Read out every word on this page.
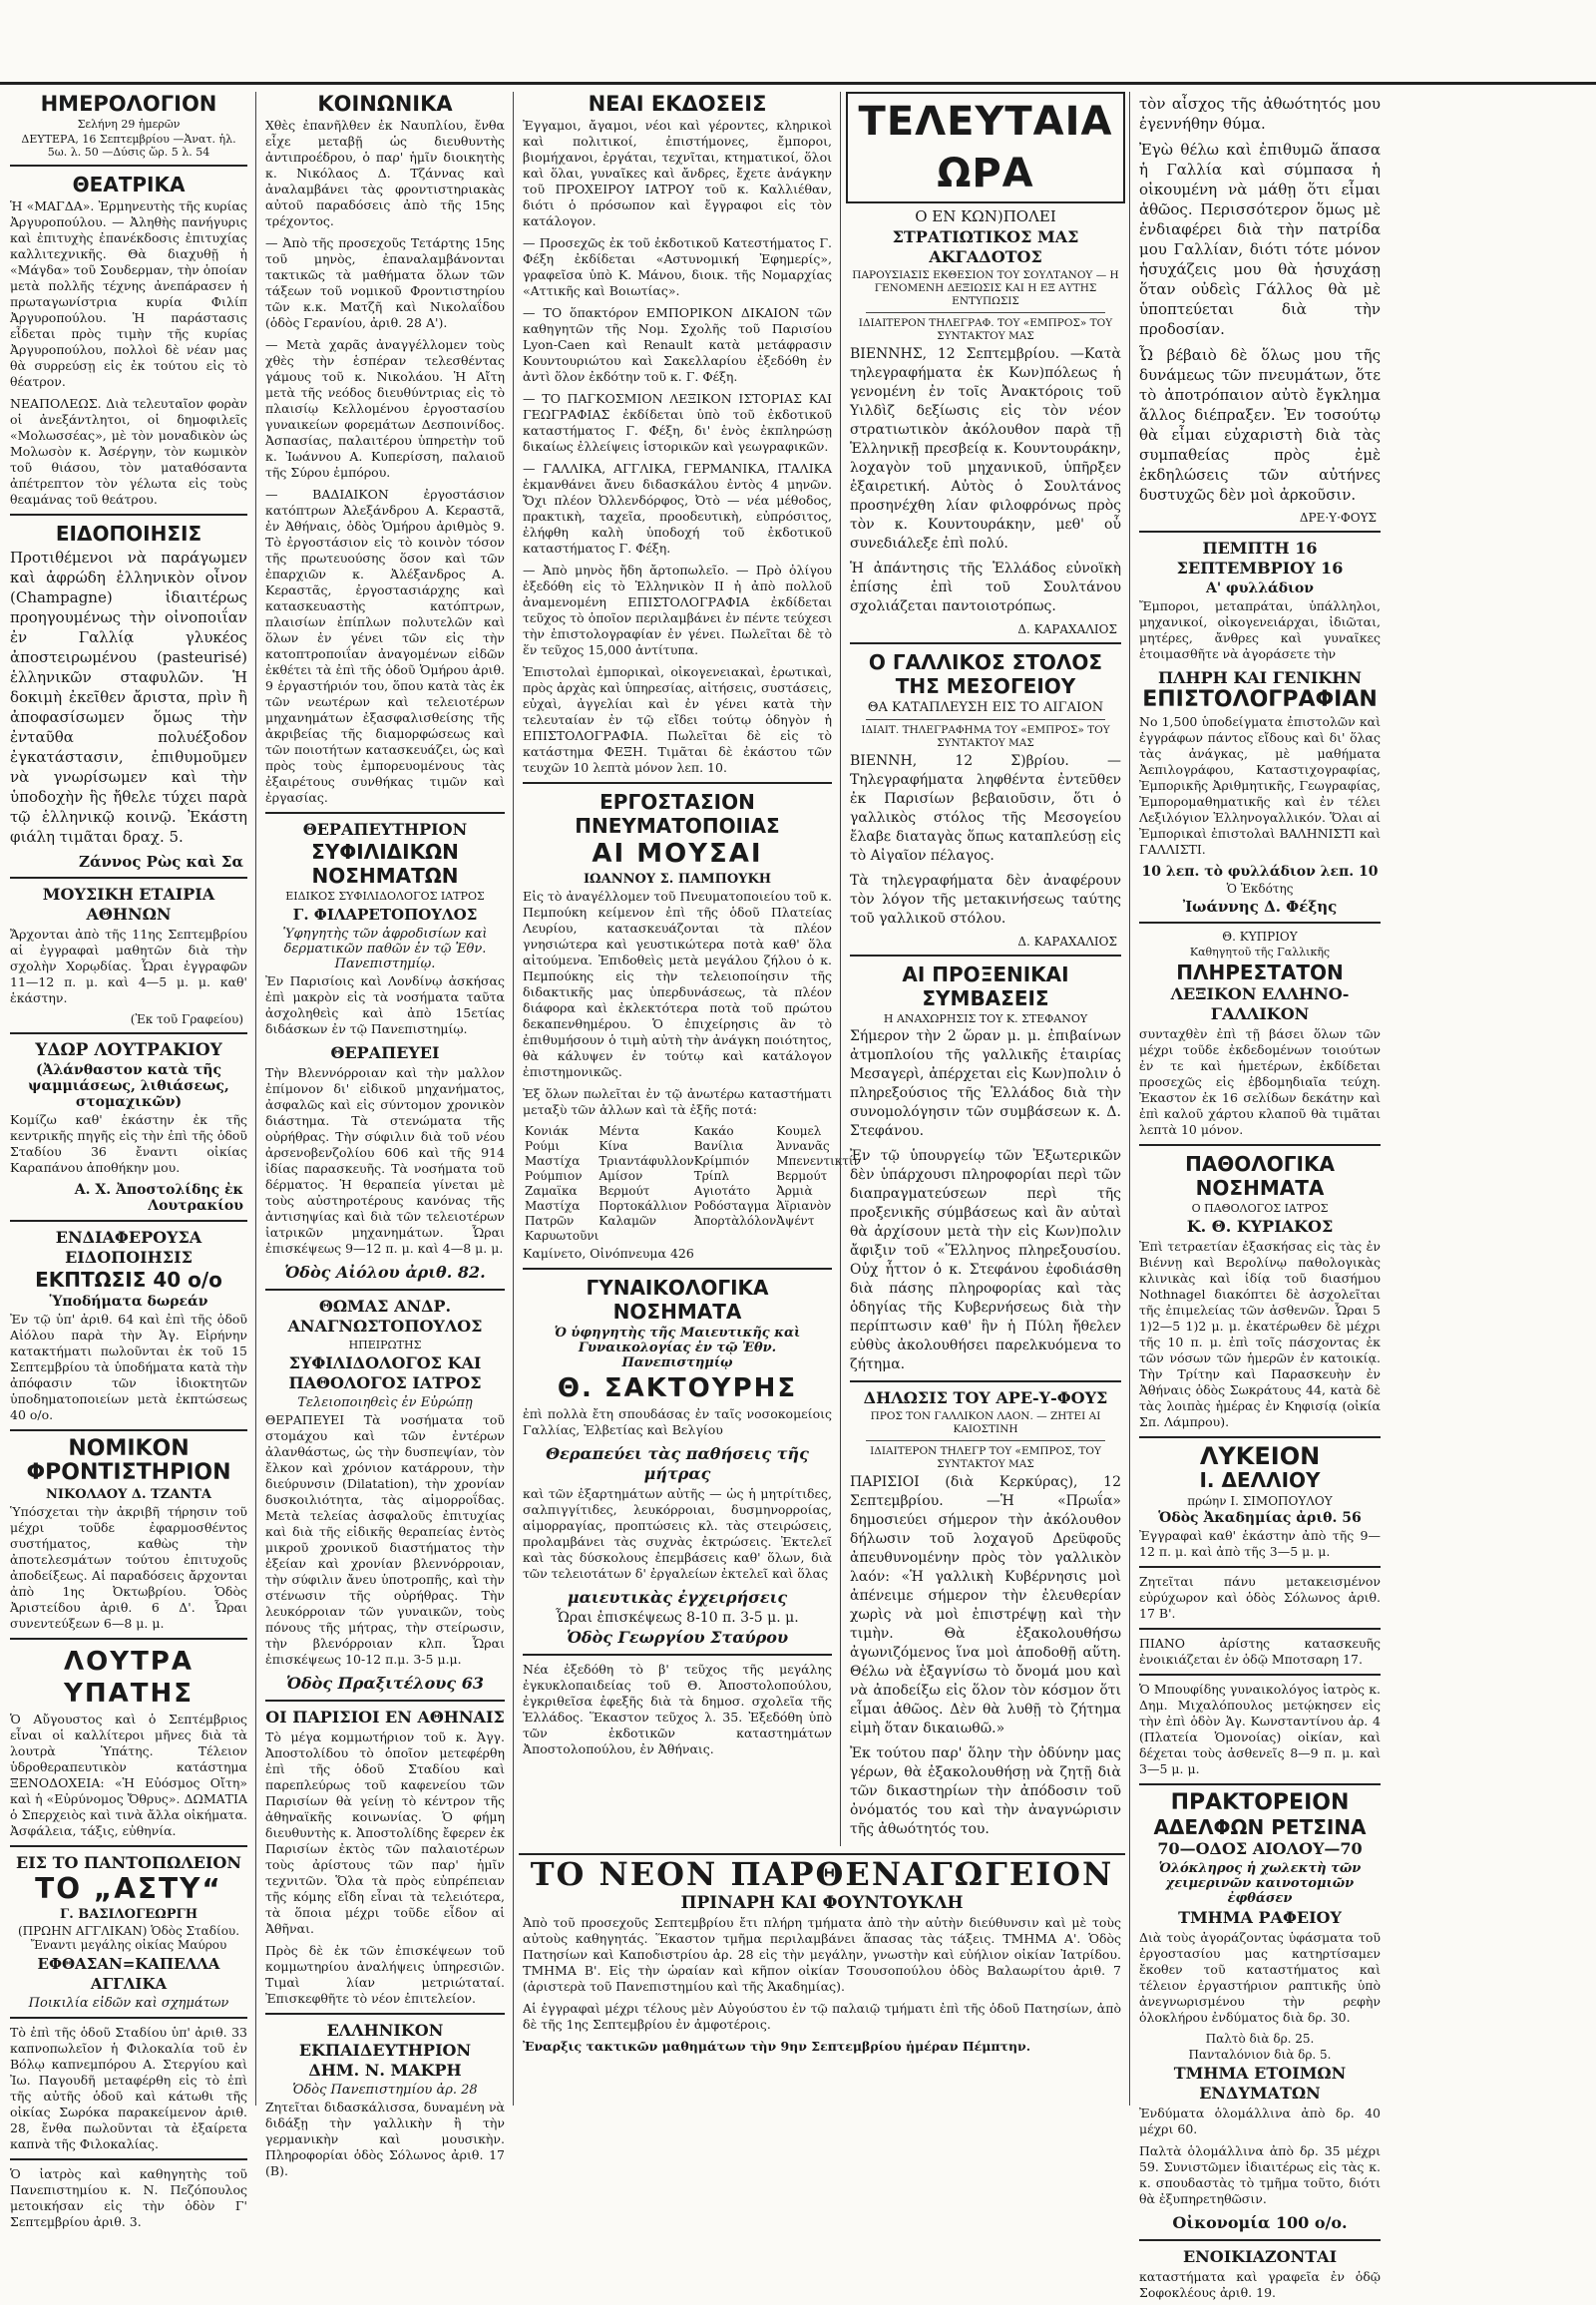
ΗΜΕΡΟΛΟΓΙΟΝ
Σελήνη 29 ἡμερῶν
ΔΕΥΤΕΡΑ, 16 Σεπτεμβρίου —Ἀνατ. ἡλ. 5ω. λ. 50 —Δύσις ὥρ. 5 λ. 54
ΘΕΑΤΡΙΚΑ
Ἡ «ΜΑΓΔΑ». Ἑρμηνευτὴς τῆς κυρίας Ἀργυροπούλου. — Ἀληθὴς πανήγυρις καὶ ἐπιτυχὴς ἐπανέκδοσις ἐπιτυχίας καλλιτεχνικῆς. Θὰ διαχυθῇ ἡ «Μάγδα» τοῦ Σουδερμαν, τὴν ὁποίαν μετὰ πολλῆς τέχνης ἀνεπάρασεν ἡ πρωταγωνίστρια κυρία Φιλίπ Ἀργυροπούλου. Ἡ παράστασις εἶδεται πρὸς τιμὴν τῆς κυρίας Ἀργυροπούλου, πολλοὶ δὲ νέαν μας θὰ συρρεύσῃ εἰς ἐκ τούτου εἰς τὸ θέατρον.
ΝΕΑΠΟΛΕΩΣ. Διὰ τελευταῖον φορὰν οἱ ἀνεξάντλητοι, οἱ δημοφιλεῖς «Μολωσσέας», μὲ τὸν μοναδικὸν ὡς Μολωσὸν κ. Ἀσέργην, τὸν κωμικὸν τοῦ θιάσου, τὸν ματαθόσαντα ἀπέτρεπτον τὸν γέλωτα εἰς τοὺς θεαμάνας τοῦ θεάτρου.
ΕΙΔΟΠΟΙΗΣΙΣ
Προτιθέμενοι νὰ παράγωμεν καὶ ἀφρώδη ἑλληνικὸν οἶνον (Champagne) ἰδιαιτέρως προηγουμένως τὴν οἰνοποιΐαν ἐν Γαλλίᾳ γλυκέος ἀποστειρωμένου (pasteurisé) ἑλληνικῶν σταφυλῶν. Ἡ δοκιμὴ ἐκεῖθεν ἄριστα, πρὶν ἢ ἀποφασίσωμεν ὅμως τὴν ἐνταῦθα πολυέξοδον ἐγκατάστασιν, ἐπιθυμοῦμεν νὰ γνωρίσωμεν καὶ τὴν ὑποδοχὴν ἣς ἤθελε τύχει παρὰ τῷ ἑλληνικῷ κοινῷ. Ἐκάστη φιάλη τιμᾶται δραχ. 5.
Ζάννος Ρὼς καὶ Σα
ΜΟΥΣΙΚΗ ΕΤΑΙΡΙΑ ΑΘΗΝΩΝ
Ἄρχονται ἀπὸ τῆς 11ης Σεπτεμβρίου αἱ ἐγγραφαὶ μαθητῶν διὰ τὴν σχολὴν Χορῳδίας. Ὧραι ἐγγραφῶν 11—12 π. μ. καὶ 4—5 μ. μ. καθ' ἑκάστην.
(Ἐκ τοῦ Γραφείου)
ΥΔΩΡ ΛΟΥΤΡΑΚΙΟΥ
(Ἀλάνθαστον κατὰ τῆς ψαμμιάσεως, λιθιάσεως, στομαχικῶν)
Κομίζω καθ' ἑκάστην ἐκ τῆς κεντρικῆς πηγῆς εἰς τὴν ἐπὶ τῆς ὁδοῦ Σταδίου 36 ἔναντι οἰκίας Καραπάνου ἀποθήκην μου.
Α. Χ. Ἀποστολίδης ἐκ Λουτρακίου
ΕΝΔΙΑΦΕΡΟΥΣΑ ΕΙΔΟΠΟΙΗΣΙΣ
ΕΚΠΤΩΣΙΣ 40 ο/ο
Ὑποδήματα δωρεάν
Ἐν τῷ ὑπ' ἀριθ. 64 καὶ ἐπὶ τῆς ὁδοῦ Αἰόλου παρὰ τὴν Ἁγ. Εἰρήνην κατακτήματι πωλοῦνται ἐκ τοῦ 15 Σεπτεμβρίου τὰ ὑποδήματα κατὰ τὴν ἀπόφασιν τῶν ἰδιοκτητῶν ὑποδηματοποιείων μετὰ ἐκπτώσεως 40 ο/ο.
ΝΟΜΙΚΟΝ ΦΡΟΝΤΙΣΤΗΡΙΟΝ
ΝΙΚΟΛΑΟΥ Δ. ΤΖΑΝΤΑ
Ὑπόσχεται τὴν ἀκριβῆ τήρησιν τοῦ μέχρι τοῦδε ἐφαρμοσθέντος συστήματος, καθὼς τὴν ἀποτελεσμάτων τούτου ἐπιτυχοῦς ἀποδείξεως. Αἱ παραδόσεις ἄρχονται ἀπὸ 1ης Ὀκτωβρίου. Ὁδὸς Ἀριστείδου ἀριθ. 6 Δ'. Ὧραι συνεντεύξεων 6—8 μ. μ.
ΛΟΥΤΡΑ ΥΠΑΤΗΣ
Ὁ Αὔγουστος καὶ ὁ Σεπτέμβριος εἶναι οἱ καλλίτεροι μῆνες διὰ τὰ λουτρὰ Ὑπάτης. Τέλειον ὑδροθεραπευτικὸν κατάστημα ΞΕΝΟΔΟΧΕΙΑ: «Ἡ Εὐόσμος Οἴτη» καὶ ἡ «Εὐρύνομος Ὄθρυς». ΔΩΜΑΤΙΑ ὁ Σπερχειὸς καὶ τινὰ ἄλλα οἰκήματα. Ἀσφάλεια, τάξις, εὐθηνία.
ΕΙΣ ΤΟ ΠΑΝΤΟΠΩΛΕΙΟΝ
ΤΟ „ΑΣΤΥ“
Γ. ΒΑΣΙΛΟΓΕΩΡΓΗ
(ΠΡΩΗΝ ΑΓΓΛΙΚΑΝ) Ὁδὸς Σταδίου. Ἔναντι μεγάλης οἰκίας Μαύρου
ΕΦΘΑΣΑΝ=ΚΑΠΕΛΛΑ ΑΓΓΛΙΚΑ
Ποικιλία εἰδῶν καὶ σχημάτων
Τὸ ἐπὶ τῆς ὁδοῦ Σταδίου ὑπ' ἀριθ. 33 καπνοπωλεῖον ἡ Φιλοκαλία τοῦ ἐν Βόλῳ καπνεμπόρου Α. Στεργίου καὶ Ἰω. Παγουδῆ μεταφέρθη εἰς τὸ ἐπὶ τῆς αὐτῆς ὁδοῦ καὶ κάτωθι τῆς οἰκίας Σωρόκα παρακείμενον ἀριθ. 28, ἔνθα πωλοῦνται τὰ ἐξαίρετα καπνὰ τῆς Φιλοκαλίας.
Ὁ ἰατρὸς καὶ καθηγητὴς τοῦ Πανεπιστημίου κ. Ν. Πεζόπουλος μετοικήσαν εἰς τὴν ὁδὸν Γ' Σεπτεμβρίου ἀριθ. 3.
ΚΟΙΝΩΝΙΚΑ
Χθὲς ἐπανῆλθεν ἐκ Ναυπλίου, ἔνθα εἶχε μεταβῇ ὡς διευθυντὴς ἀντιπροέδρου, ὁ παρ' ἡμῖν διοικητὴς κ. Νικόλαος Δ. Τζάννας καὶ ἀναλαμβάνει τὰς φροντιστηριακὰς αὐτοῦ παραδόσεις ἀπὸ τῆς 15ης τρέχοντος.
— Ἀπὸ τῆς προσεχοῦς Τετάρτης 15ης τοῦ μηνὸς, ἐπαναλαμβάνονται τακτικῶς τὰ μαθήματα ὅλων τῶν τάξεων τοῦ νομικοῦ Φροντιστηρίου τῶν κ.κ. Ματζῆ καὶ Νικολαΐδου (ὁδὸς Γερανίου, ἀριθ. 28 Α').
— Μετὰ χαρᾶς ἀναγγέλλομεν τοὺς χθὲς τὴν ἑσπέραν τελεσθέντας γάμους τοῦ κ. Νικολάου. Ἡ Αἴτη μετὰ τῆς νεόδος διευθύντριας εἰς τὸ πλαισίῳ Κελλομένου ἐργοστασίου γυναικείων φορεμάτων Δεσποινίδος. Ἀσπασίας, παλαιτέρου ὑπηρετὴν τοῦ κ. Ἰωάννου Α. Κυπερίσση, παλαιοῦ τῆς Σύρου ἐμπόρου.
— ΒΑΔΙΑΙΚΟΝ ἐργοστάσιον κατόπτρων Ἀλεξάνδρου Α. Κεραστᾶ, ἐν Ἀθήναις, ὁδὸς Ὁμήρου ἀριθμὸς 9. Τὸ ἐργοστάσιον εἰς τὸ κοινὸν τόσον τῆς πρωτευούσης ὅσον καὶ τῶν ἐπαρχιῶν κ. Ἀλέξανδρος Α. Κεραστᾶς, ἐργοστασιάρχης καὶ κατασκευαστὴς κατόπτρων, πλαισίων ἐπίπλων πολυτελῶν καὶ ὅλων ἐν γένει τῶν εἰς τὴν κατοπτροποιΐαν ἀναγομένων εἰδῶν ἐκθέτει τὰ ἐπὶ τῆς ὁδοῦ Ὁμήρου ἀριθ. 9 ἐργαστήριόν του, ὅπου κατὰ τὰς ἐκ τῶν νεωτέρων καὶ τελειοτέρων μηχανημάτων ἐξασφαλισθείσης τῆς ἀκριβείας τῆς διαμορφώσεως καὶ τῶν ποιοτήτων κατασκευάζει, ὡς καὶ πρὸς τοὺς ἐμπορευομένους τὰς ἐξαιρέτους συνθήκας τιμῶν καὶ ἐργασίας.
ΘΕΡΑΠΕΥΤΗΡΙΟΝ
ΣΥΦΙΛΙΔΙΚΩΝ ΝΟΣΗΜΑΤΩΝ
ΕΙΔΙΚΟΣ ΣΥΦΙΛΙΔΟΛΟΓΟΣ ΙΑΤΡΟΣ
Γ. ΦΙΛΑΡΕΤΟΠΟΥΛΟΣ
Ὑφηγητὴς τῶν ἀφροδισίων καὶ δερματικῶν παθῶν ἐν τῷ Ἐθν. Πανεπιστημίῳ.
Ἐν Παρισίοις καὶ Λονδίνῳ ἀσκήσας ἐπὶ μακρὸν εἰς τὰ νοσήματα ταῦτα ἀσχοληθεὶς καὶ ἀπὸ 15ετίας διδάσκων ἐν τῷ Πανεπιστημίῳ.
ΘΕΡΑΠΕΥΕΙ
Τὴν Βλεννόρροιαν καὶ τὴν μαλλον ἐπίμονον δι' εἰδικοῦ μηχανήματος, ἀσφαλῶς καὶ εἰς σύντομον χρονικὸν διάστημα. Τὰ στενώματα τῆς οὐρήθρας. Τὴν σύφιλιν διὰ τοῦ νέου ἀρσενοβενζολίου 606 καὶ τῆς 914 ἰδίας παρασκευῆς. Τὰ νοσήματα τοῦ δέρματος. Ἡ θεραπεία γίνεται μὲ τοὺς αὐστηροτέρους κανόνας τῆς ἀντισηψίας καὶ διὰ τῶν τελειοτέρων ἰατρικῶν μηχανημάτων. Ὧραι ἐπισκέψεως 9—12 π. μ. καὶ 4—8 μ. μ.
Ὁδὸς Αἰόλου ἀριθ. 82.
ΘΩΜΑΣ ΑΝΔΡ. ΑΝΑΓΝΩΣΤΟΠΟΥΛΟΣ
ΗΠΕΙΡΩΤΗΣ
ΣΥΦΙΛΙΔΟΛΟΓΟΣ ΚΑΙ ΠΑΘΟΛΟΓΟΣ ΙΑΤΡΟΣ
Τελειοποιηθεὶς ἐν Εὐρώπῃ
ΘΕΡΑΠΕΥΕΙ Τὰ νοσήματα τοῦ στομάχου καὶ τῶν ἐντέρων ἀλανθάστως, ὡς τὴν δυσπεψίαν, τὸν ἔλκον καὶ χρόνιον κατάρρουν, τὴν διεύρυνσιν (Dilatation), τὴν χρονίαν δυσκοιλιότητα, τὰς αἱμορροΐδας. Μετὰ τελείας ἀσφαλοῦς ἐπιτυχίας καὶ διὰ τῆς εἰδικῆς θεραπείας ἐντὸς μικροῦ χρονικοῦ διαστήματος τὴν ἐξείαν καὶ χρονίαν βλεννόρροιαν, τὴν σύφιλιν ἄνευ ὑποτροπῆς, καὶ τὴν στένωσιν τῆς οὐρήθρας. Τὴν λευκόρροιαν τῶν γυναικῶν, τοὺς πόνους τῆς μήτρας, τὴν στείρωσιν, τὴν βλενόρροιαν κλπ. Ὧραι ἐπισκέψεως 10-12 π.μ. 3-5 μ.μ.
Ὁδὸς Πραξιτέλους 63
ΟΙ ΠΑΡΙΣΙΟΙ ΕΝ ΑΘΗΝΑΙΣ
Τὸ μέγα κομμωτήριον τοῦ κ. Ἀγγ. Ἀποστολίδου τὸ ὁποῖον μετεφέρθη ἐπὶ τῆς ὁδοῦ Σταδίου καὶ παρεπλεύρως τοῦ καφενείου τῶν Παρισίων θὰ γείνῃ τὸ κέντρον τῆς ἀθηναϊκῆς κοινωνίας. Ὁ φήμη διευθυντὴς κ. Ἀποστολίδης ἔφερεν ἐκ Παρισίων ἐκτὸς τῶν παλαιοτέρων τοὺς ἀρίστους τῶν παρ' ἡμῖν τεχνιτῶν. Ὅλα τὰ πρὸς εὐπρέπειαν τῆς κόμης εἴδη εἶναι τὰ τελειότερα, τὰ ὅποια μέχρι τοῦδε εἶδον αἱ Ἀθῆναι.
Πρὸς δὲ ἐκ τῶν ἐπισκέψεων τοῦ κομμωτηρίου ἀναλήψεις ὑπηρεσιῶν. Τιμαὶ λίαν μετριώταταί. Ἐπισκεφθῆτε τὸ νέον ἐπιτελείον.
ΕΛΛΗΝΙΚΟΝ ΕΚΠΑΙΔΕΥΤΗΡΙΟΝ
ΔΗΜ. Ν. ΜΑΚΡΗ
Ὁδὸς Πανεπιστημίου ἀρ. 28
Ζητεῖται διδασκάλισσα, δυναμένη νὰ διδάξῃ τὴν γαλλικὴν ἢ τὴν γερμανικὴν καὶ μουσικὴν. Πληροφορίαι ὁδὸς Σόλωνος ἀριθ. 17 (Β).
ΝΕΑΙ ΕΚΔΟΣΕΙΣ
Ἐγγαμοι, ἄγαμοι, νέοι καὶ γέροντες, κληρικοὶ καὶ πολιτικοί, ἐπιστήμονες, ἔμποροι, βιομήχανοι, ἐργάται, τεχνῖται, κτηματικοί, ὅλοι καὶ ὅλαι, γυναῖκες καὶ ἄνδρες, ἔχετε ἀνάγκην τοῦ ΠΡΟΧΕΙΡΟΥ ΙΑΤΡΟΥ τοῦ κ. Καλλιέθαν, διότι ὁ πρόσωπον καὶ ἔγγραφοι εἰς τὸν κατάλογον.
— Προσεχῶς ἐκ τοῦ ἐκδοτικοῦ Κατεστήματος Γ. Φέξη ἐκδίδεται «Αστυνομική Ἐφημερίς», γραφεῖσα ὑπὸ Κ. Μάνου, διοικ. τῆς Νομαρχίας «Αττικῆς καὶ Βοιωτίας».
— ΤΟ ὅπακτόρον ΕΜΠΟΡΙΚΟΝ ΔΙΚΑΙΟΝ τῶν καθηγητῶν τῆς Νομ. Σχολῆς τοῦ Παρισίου Lyon-Caen καὶ Renault κατὰ μετάφρασιν Κουντουριώτου καὶ Σακελλαρίου ἐξεδόθη ἐν ἀντὶ ὅλον ἐκδότην τοῦ κ. Γ. Φέξη.
— ΤΟ ΠΑΓΚΟΣΜΙΟΝ ΛΕΞΙΚΟΝ ΙΣΤΟΡΙΑΣ ΚΑΙ ΓΕΩΓΡΑΦΙΑΣ ἐκδίδεται ὑπὸ τοῦ ἐκδοτικοῦ καταστήματος Γ. Φέξη, δι' ἑνὸς ἐκπληρώσῃ δικαίως ἐλλείψεις ἱστορικῶν καὶ γεωγραφικῶν.
— ΓΑΛΛΙΚΑ, ΑΓΓΛΙΚΑ, ΓΕΡΜΑΝΙΚΑ, ΙΤΑΛΙΚΑ ἐκμανθάνει ἄνευ διδασκάλου ἐντὸς 4 μηνῶν. Ὄχι πλέον Ὀλλενδόρφος, Ὀτὸ — νέα μέθοδος, πρακτικὴ, ταχεῖα, προοδευτικὴ, εὐπρόσιτος, ἐλήφθη καλὴ ὑποδοχή τοῦ ἐκδοτικοῦ καταστήματος Γ. Φέξη.
— Ἀπὸ μηνὸς ἤδη ἄρτοπωλεῖο. — Πρὸ ὀλίγου ἐξεδόθη εἰς τὸ Ἑλληνικὸν ΙΙ ἡ ἀπὸ πολλοῦ ἀναμενομένη ΕΠΙΣΤΟΛΟΓΡΑΦΙΑ ἐκδίδεται τεῦχος τὸ ὁποῖον περιλαμβάνει ἐν πέντε τεύχεσι τὴν ἐπιστολογραφίαν ἐν γένει. Πωλεῖται δὲ τὸ ἕν τεῦχος 15,000 ἀντίτυπα.
Ἐπιστολαὶ ἐμπορικαὶ, οἰκογενειακαὶ, ἐρωτικαὶ, πρὸς ἀρχὰς καὶ ὑπηρεσίας, αἰτήσεις, συστάσεις, εὐχαὶ, ἀγγελίαι καὶ ἐν γένει κατὰ τὴν τελευταίαν ἐν τῷ εἴδει τούτῳ ὁδηγὸν ἡ ΕΠΙΣΤΟΛΟΓΡΑΦΙΑ. Πωλεῖται δὲ εἰς τὸ κατάστημα ΦΕΞΗ. Τιμᾶται δὲ ἐκάστου τῶν τευχῶν 10 λεπτὰ μόνον λεπ. 10.
ΕΡΓΟΣΤΑΣΙΟΝ ΠΝΕΥΜΑΤΟΠΟΙΙΑΣ
ΑΙ ΜΟΥΣΑΙ
ΙΩΑΝΝΟΥ Σ. ΠΑΜΠΟΥΚΗ
Εἰς τὸ ἀναγέλλομεν τοῦ Πνευματοποιείου τοῦ κ. Πεμπούκη κείμενον ἐπὶ τῆς ὁδοῦ Πλατείας Λευρίου, κατασκευάζονται τὰ πλέον γνησιώτερα καὶ γευστικώτερα ποτὰ καθ' ὅλα αἰτούμενα. Ἐπιδοθεὶς μετὰ μεγάλου ζήλου ὁ κ. Πεμπούκης εἰς τὴν τελειοποίησιν τῆς διδακτικῆς μας ὑπερδυνάσεως, τὰ πλέον διάφορα καὶ ἐκλεκτότερα ποτὰ τοῦ πρώτου δεκαπενθημέρου. Ὁ ἐπιχείρησις ἂν τὸ ἐπιθυμήσουν ὁ τιμὴ αὐτὴ τὴν ἀνάγκη ποιότητος, θὰ κάλυψεν ἐν τούτῳ καὶ κατάλογον ἐπιστημονικῶς.
Ἐξ ὅλων πωλεῖται ἐν τῷ ἀνωτέρω καταστήματι μεταξὺ τῶν ἀλλων καὶ τὰ ἐξῆς ποτά:
Κονιάκ
Ρούμι
Μαστίχα
Ρούμπιον
Ζαμαϊκα
Μαστίχα Πατρῶν
Καρυωτοῦνι
Μέντα
Κίνα
Τριαντάφυλλον
Αμίσον
Βερμούτ
Πορτοκάλλιον
Καλαμῶν
Κακάο
Βανίλια
Κρίμπιόν
Τρίπλ
Αγιοτάτο
Ροδόσταγμα
Ἀπορτὰλόλον
Κουμελ
Ἀννανᾶς
Μπενεντικτίν
Βερμούτ
Ἀρμιὰ
Ἀϊριανὸν
Ἀψέντ
Καμίνετο, Οἰνόπνευμα 426
ΓΥΝΑΙΚΟΛΟΓΙΚΑ ΝΟΣΗΜΑΤΑ
Ὁ ὑφηγητὴς τῆς Μαιευτικῆς καὶ Γυναικολογίας ἐν τῷ Ἐθν. Πανεπιστημίῳ
Θ. ΣΑΚΤΟΥΡΗΣ
ἐπὶ πολλὰ ἔτη σπουδάσας ἐν ταῖς νοσοκομείοις Γαλλίας, Ἑλβετίας καὶ Βελγίου
Θεραπεύει τὰς παθήσεις τῆς μήτρας
καὶ τῶν ἐξαρτημάτων αὐτῆς — ὡς ἡ μητρίτιδες, σαλπιγγίτιδες, λευκόρροιαι, δυσμηνορροίας, αἱμορραγίας, προπτώσεις κλ. τὰς στειρώσεις, προλαμβάνει τὰς συχνὰς ἐκτρώσεις. Ἐκτελεῖ καὶ τὰς δύσκολους ἐπεμβάσεις καθ' ὅλων, διὰ τῶν τελειοτάτων δ' ἐργαλείων ἐκτελεῖ καὶ ὅλας
μαιευτικὰς ἐγχειρήσεις
Ὧραι ἐπισκέψεως 8-10 π. 3-5 μ. μ.
Ὁδὸς Γεωργίου Σταύρου
Νέα ἐξεδόθη τὸ β' τεῦχος τῆς μεγάλης ἐγκυκλοπαιδείας τοῦ Θ. Ἀποστολοπούλου, ἐγκριθεῖσα ἐφεξῆς διὰ τὰ δημοσ. σχολεῖα τῆς Ἑλλάδος. Ἕκαστον τεῦχος λ. 35. Ἐξεδόθη ὑπὸ τῶν ἐκδοτικῶν καταστημάτων Ἀποστολοπούλου, ἐν Ἀθήναις.
ΤΕΛΕΥΤΑΙΑ ΩΡΑ
Ο ΕΝ ΚΩΝ)ΠΟΛΕΙ
ΣΤΡΑΤΙΩΤΙΚΟΣ ΜΑΣ ΑΚΓΑΔΟΤΟΣ
ΠΑΡΟΥΣΙΑΣΙΣ ΕΚΘΕΣΙΟΝ ΤΟΥ ΣΟΥΛΤΑΝΟΥ — Η ΓΕΝΟΜΕΝΗ ΔΕΞΙΩΣΙΣ ΚΑΙ Η ΕΞ ΑΥΤΗΣ ΕΝΤΥΠΩΣΙΣ
ΙΔΙΑΙΤΕΡΟΝ ΤΗΛΕΓΡΑΦ. ΤΟΥ «ΕΜΠΡΟΣ» ΤΟΥ ΣΥΝΤΑΚΤΟΥ ΜΑΣ
ΒΙΕΝΝΗΣ, 12 Σεπτεμβρίου. —Κατὰ τηλεγραφήματα ἐκ Κων)πόλεως ἡ γενομένη ἐν τοῖς Ἀνακτόροις τοῦ Υιλδὶζ δεξίωσις εἰς τὸν νέον στρατιωτικὸν ἀκόλουθον παρὰ τῇ Ἑλληνικῇ πρεσβείᾳ κ. Κουντουράκην, λοχαγὸν τοῦ μηχανικοῦ, ὑπῆρξεν ἐξαιρετική. Αὐτὸς ὁ Σουλτάνος προσηνέχθη λίαν φιλοφρόνως πρὸς τὸν κ. Κουντουράκην, μεθ' οὗ συνεδιάλεξε ἐπὶ πολύ.
Ἡ ἀπάντησις τῆς Ἑλλάδος εὐνοϊκὴ ἐπίσης ἐπὶ τοῦ Σουλτάνου σχολιάζεται παντοιοτρόπως.
Δ. ΚΑΡΑΧΑΛΙΟΣ
Ο ΓΑΛΛΙΚΟΣ ΣΤΟΛΟΣ
ΤΗΣ ΜΕΣΟΓΕΙΟΥ
ΘΑ ΚΑΤΑΠΛΕΥΣΗ ΕΙΣ ΤΟ ΑΙΓΑΙΟΝ
ΙΔΙΑΙΤ. ΤΗΛΕΓΡΑΦΗΜΑ ΤΟΥ «ΕΜΠΡΟΣ» ΤΟΥ ΣΥΝΤΑΚΤΟΥ ΜΑΣ
ΒΙΕΝΝΗ, 12 Σ)βρίου. — Τηλεγραφήματα ληφθέντα ἐντεῦθεν ἐκ Παρισίων βεβαιοῦσιν, ὅτι ὁ γαλλικὸς στόλος τῆς Μεσογείου ἔλαβε διαταγὰς ὅπως καταπλεύσῃ εἰς τὸ Αἰγαῖον πέλαγος.
Τὰ τηλεγραφήματα δὲν ἀναφέρουν τὸν λόγον τῆς μετακινήσεως ταύτης τοῦ γαλλικοῦ στόλου.
Δ. ΚΑΡΑΧΑΛΙΟΣ
ΑΙ ΠΡΟΞΕΝΙΚΑΙ ΣΥΜΒΑΣΕΙΣ
Η ΑΝΑΧΩΡΗΣΙΣ ΤΟΥ Κ. ΣΤΕΦΑΝΟΥ
Σήμερον τὴν 2 ὥραν μ. μ. ἐπιβαίνων ἀτμοπλοίου τῆς γαλλικῆς ἑταιρίας Μεσαγερὶ, ἀπέρχεται εἰς Κων)πολιν ὁ πληρεξούσιος τῆς Ἑλλάδος διὰ τὴν συνομολόγησιν τῶν συμβάσεων κ. Δ. Στεφάνου.
Ἐν τῷ ὑπουργείῳ τῶν Ἐξωτερικῶν δὲν ὑπάρχουσι πληροφορίαι περὶ τῶν διαπραγματεύσεων περὶ τῆς προξενικῆς σύμβάσεως καὶ ἂν αὐταὶ θὰ ἀρχίσουν μετὰ τὴν εἰς Κων)πολιν ἄφιξιν τοῦ «Ἕλληνος πληρεξουσίου. Οὐχ ἧττον ὁ κ. Στεφάνου ἐφοδιάσθη διὰ πάσης πληροφορίας καὶ τὰς ὁδηγίας τῆς Κυβερνήσεως διὰ τὴν περίπτωσιν καθ' ἣν ἡ Πύλη ἤθελεν εὐθὺς ἀκολουθήσει παρελκυόμενα το ζήτημα.
ΔΗΛΩΣΙΣ ΤΟΥ ΑΡΕ-Υ-ΦΟΥΣ
ΠΡΟΣ ΤΟΝ ΓΑΛΛΙΚΟΝ ΛΑΟΝ. — ΖΗΤΕΙ ΑΙ ΚΑΙΟΣΤΙΝΗ
ΙΔΙΑΙΤΕΡΟΝ ΤΗΛΕΓΡ ΤΟΥ «ΕΜΠΡΟΣ, ΤΟΥ ΣΥΝΤΑΚΤΟΥ ΜΑΣ
ΠΑΡΙΣΙΟΙ (διὰ Κερκύρας), 12 Σεπτεμβρίου. —Ἡ «Πρωΐα» δημοσιεύει σήμερον τὴν ἀκόλουθον δήλωσιν τοῦ λοχαγοῦ Δρεϋφοῦς ἀπευθυνομένην πρὸς τὸν γαλλικὸν λαόν: «Ἡ γαλλικὴ Κυβέρνησις μοὶ ἀπένειμε σήμερον τὴν ἐλευθερίαν χωρὶς νὰ μοὶ ἐπιστρέψῃ καὶ τὴν τιμὴν. Θὰ ἐξακολουθήσω ἀγωνιζόμενος ἵνα μοὶ ἀποδοθῇ αὕτη. Θέλω νὰ ἐξαγνίσω τὸ ὄνομά μου καὶ νὰ ἀποδείξω εἰς ὅλον τὸν κόσμον ὅτι εἶμαι ἀθῶος. Δὲν θὰ λυθῇ τὸ ζήτημα εἰμὴ ὅταν δικαιωθῶ.»
Ἐκ τούτου παρ' ὅλην τὴν ὀδύνην μας γέρων, θὰ ἐξακολουθήσῃ νὰ ζητῇ διὰ τῶν δικαστηρίων τὴν ἀπόδοσιν τοῦ ὀνόματός του καὶ τὴν ἀναγνώρισιν τῆς ἀθωότητός του.
ΤΟ ΝΕΟΝ ΠΑΡΘΕΝΑΓΩΓΕΙΟΝ
ΠΡΙΝΑΡΗ ΚΑΙ ΦΟΥΝΤΟΥΚΛΗ
Ἀπὸ τοῦ προσεχοῦς Σεπτεμβρίου ἔτι πλήρη τμήματα ἀπὸ τὴν αὐτὴν διεύθυνσιν καὶ μὲ τοὺς αὐτοὺς καθηγητάς. Ἕκαστον τμῆμα περιλαμβάνει ἅπασας τὰς τάξεις. ΤΜΗΜΑ Α'. Ὁδὸς Πατησίων καὶ Καποδιστρίου ἀρ. 28 εἰς τὴν μεγάλην, γνωστὴν καὶ εὐήλιον οἰκίαν Ἰατρίδου. ΤΜΗΜΑ Β'. Εἰς τὴν ὡραίαν καὶ κῆπον οἰκίαν Τσουσοπούλου ὁδὸς Βαλαωρίτου ἀριθ. 7 (ἀριστερὰ τοῦ Πανεπιστημίου καὶ τῆς Ἀκαδημίας).
Αἱ ἐγγραφαὶ μέχρι τέλους μὲν Αὐγούστου ἐν τῷ παλαιῷ τμήματι ἐπὶ τῆς ὁδοῦ Πατησίων, ἀπὸ δὲ τῆς 1ης Σεπτεμβρίου ἐν ἀμφοτέροις.
Ἐναρξις τακτικῶν μαθημάτων τὴν 9ην Σεπτεμβρίου ἡμέραν Πέμπτην.
τὸν αἶσχος τῆς ἀθωότητός μου ἐγεννήθην θύμα.
Ἐγὼ θέλω καὶ ἐπιθυμῶ ἅπασα ἡ Γαλλία καὶ σύμπασα ἡ οἰκουμένη νὰ μάθῃ ὅτι εἶμαι ἀθῶος. Περισσότερον ὅμως μὲ ἐνδιαφέρει διὰ τὴν πατρίδα μου Γαλλίαν, διότι τότε μόνον ἡσυχάζεις μου θὰ ἡσυχάσῃ ὅταν οὐδεὶς Γάλλος θὰ μὲ ὑποπτεύεται διὰ τὴν προδοσίαν.
Ὦ βέβαιὸ δὲ ὅλως μου τῆς δυνάμεως τῶν πνευμάτων, ὅτε τὸ ἀποτρόπαιον αὐτὸ ἔγκλημα ἄλλος διέπραξεν. Ἐν τοσούτῳ θὰ εἶμαι εὐχαριστὴ διὰ τὰς συμπαθείας πρὸς ἐμὲ ἐκδηλώσεις τῶν αὐτήνες δυστυχῶς δὲν μοὶ ἀρκοῦσιν.
ΔΡΕ·Υ·ΦΟΥΣ
ΠΕΜΠΤΗ 16 ΣΕΠΤΕΜΒΡΙΟΥ 16
Α' φυλλάδιον
Ἔμποροι, μεταπράται, ὑπάλληλοι, μηχανικοί, οἰκογενειάρχαι, ἰδιῶται, μητέρες, ἄνθρες καὶ γυναῖκες ἐτοιμασθῆτε νὰ ἀγοράσετε τὴν
ΠΛΗΡΗ ΚΑΙ ΓΕΝΙΚΗΝ
ΕΠΙΣΤΟΛΟΓΡΑΦΙΑΝ
Νο 1,500 ὑποδείγματα ἐπιστολῶν καὶ ἐγγράφων πάντος εἴδους καὶ δι' ὅλας τὰς ἀνάγκας, μὲ μαθήματα Ἀεπιλογράφου, Καταστιχογραφίας, Ἐμπορικῆς Ἀριθμητικῆς, Γεωγραφίας, Ἐμπορομαθηματικῆς καὶ ἐν τέλει Λεξιλόγιον Ἑλληνογαλλικόν. Ὅλαι αἱ Ἐμπορικαὶ ἐπιστολαὶ ΒΑΛΗΝΙΣΤΙ καὶ ΓΑΛΛΙΣΤΙ.
10 λεπ. τὸ φυλλάδιον λεπ. 10
Ὁ Ἐκδότης
Ἰωάννης Δ. Φέξης
Θ. ΚΥΠΡΙΟΥ
Καθηγητοῦ τῆς Γαλλικῆς
ΠΛΗΡΕΣΤΑΤΟΝ
ΛΕΞΙΚΟΝ ΕΛΛΗΝΟ-ΓΑΛΛΙΚΟΝ
συνταχθὲν ἐπὶ τῇ βάσει ὅλων τῶν μέχρι τοῦδε ἐκδεδομένων τοιούτων ἐν τε καὶ ἡμετέρων, ἐκδίδεται προσεχῶς εἰς ἑβδομηδιαῖα τεύχη. Ἐκαστον ἐκ 16 σελίδων δεκάτην καὶ ἐπὶ καλοῦ χάρτου κλαποῦ θὰ τιμᾶται λεπτὰ 10 μόνον.
ΠΑΘΟΛΟΓΙΚΑ ΝΟΣΗΜΑΤΑ
Ο ΠΑΘΟΛΟΓΟΣ ΙΑΤΡΟΣ
Κ. Θ. ΚΥΡΙΑΚΟΣ
Ἐπὶ τετραετίαν ἐξασκήσας εἰς τὰς ἐν Βιέννῃ καὶ Βερολίνῳ παθολογικὰς κλινικὰς καὶ ἰδίᾳ τοῦ διασήμου Nothnagel διακόπτει δὲ ἀσχολεῖται τῆς ἐπιμελείας τῶν ἀσθενῶν. Ὧραι 5 1)2—5 1)2 μ. μ. ἐκατέρωθεν δὲ μέχρι τῆς 10 π. μ. ἐπὶ τοῖς πάσχοντας ἐκ τῶν νόσων τῶν ἡμερῶν ἐν κατοικίᾳ. Τὴν Τρίτην καὶ Παρασκευὴν ἐν Ἀθήναις ὁδὸς Σωκράτους 44, κατὰ δὲ τὰς λοιπὰς ἡμέρας ἐν Κηφισίᾳ (οἰκία Σπ. Λάμπρου).
ΛΥΚΕΙΟΝ
Ι. ΔΕΛΛΙΟΥ
πρώην Ι. ΣΙΜΟΠΟΥΛΟΥ
Ὁδὸς Ἀκαδημίας ἀριθ. 56
Ἐγγραφαὶ καθ' ἑκάστην ἀπὸ τῆς 9—12 π. μ. καὶ ἀπὸ τῆς 3—5 μ. μ.
Ζητεῖται πάνυ μετακεισμένον εὐρύχωρον καὶ ὁδὸς Σόλωνος ἀριθ. 17 Β'.
ΠΙΑΝΟ ἀρίστης κατασκευῆς ἐνοικιάζεται ἐν ὁδῷ Μποτσαρη 17.
Ὁ Μπουφίδης γυναικολόγος ἰατρὸς κ. Δημ. Μιχαλόπουλος μετῴκησεν εἰς τὴν ἐπὶ ὁδὸν Ἁγ. Κωνσταντίνου ἀρ. 4 (Πλατεία Ὁμονοίας) οἰκίαν, καὶ δέχεται τοὺς ἀσθενεῖς 8—9 π. μ. καὶ 3—5 μ. μ.
ΠΡΑΚΤΟΡΕΙΟΝ
ΑΔΕΛΦΩΝ ΡΕΤΣΙΝΑ
70—ΟΔΟΣ ΑΙΟΛΟΥ—70
Ὁλόκληρος ἡ χωλεκτὴ τῶν χειμερινῶν καινοτομιῶν ἐφθάσεν
ΤΜΗΜΑ ΡΑΦΕΙΟΥ
Διὰ τοὺς ἀγοράζοντας ὑφάσματα τοῦ ἐργοστασίου μας κατηρτίσαμεν ἔκοθεν τοῦ καταστήματος καὶ τέλειον ἐργαστήριον ραπτικῆς ὑπὸ ἀνεγνωρισμένου τὴν ρεφὴν ὁλοκλήρου ἐνδύματος διὰ δρ. 30.
Παλτὸ διὰ δρ. 25.
Πανταλόνιον διὰ δρ. 5.
ΤΜΗΜΑ ΕΤΟΙΜΩΝ ΕΝΔΥΜΑΤΩΝ
Ἐνδύματα ὁλομάλλινα ἀπὸ δρ. 40 μέχρι 60.
Παλτὰ ὁλομάλλινα ἀπὸ δρ. 35 μέχρι 59. Συνιστῶμεν ἰδιαιτέρως εἰς τὰς κ. κ. σπουδαστὰς τὸ τμῆμα τοῦτο, διότι θὰ ἐξυπηρετηθῶσιν.
Οἰκονομία 100 ο/ο.
ΕΝΟΙΚΙΑΖΟΝΤΑΙ
καταστήματα καὶ γραφεῖα ἐν ὁδῷ Σοφοκλέους ἀριθ. 19.
